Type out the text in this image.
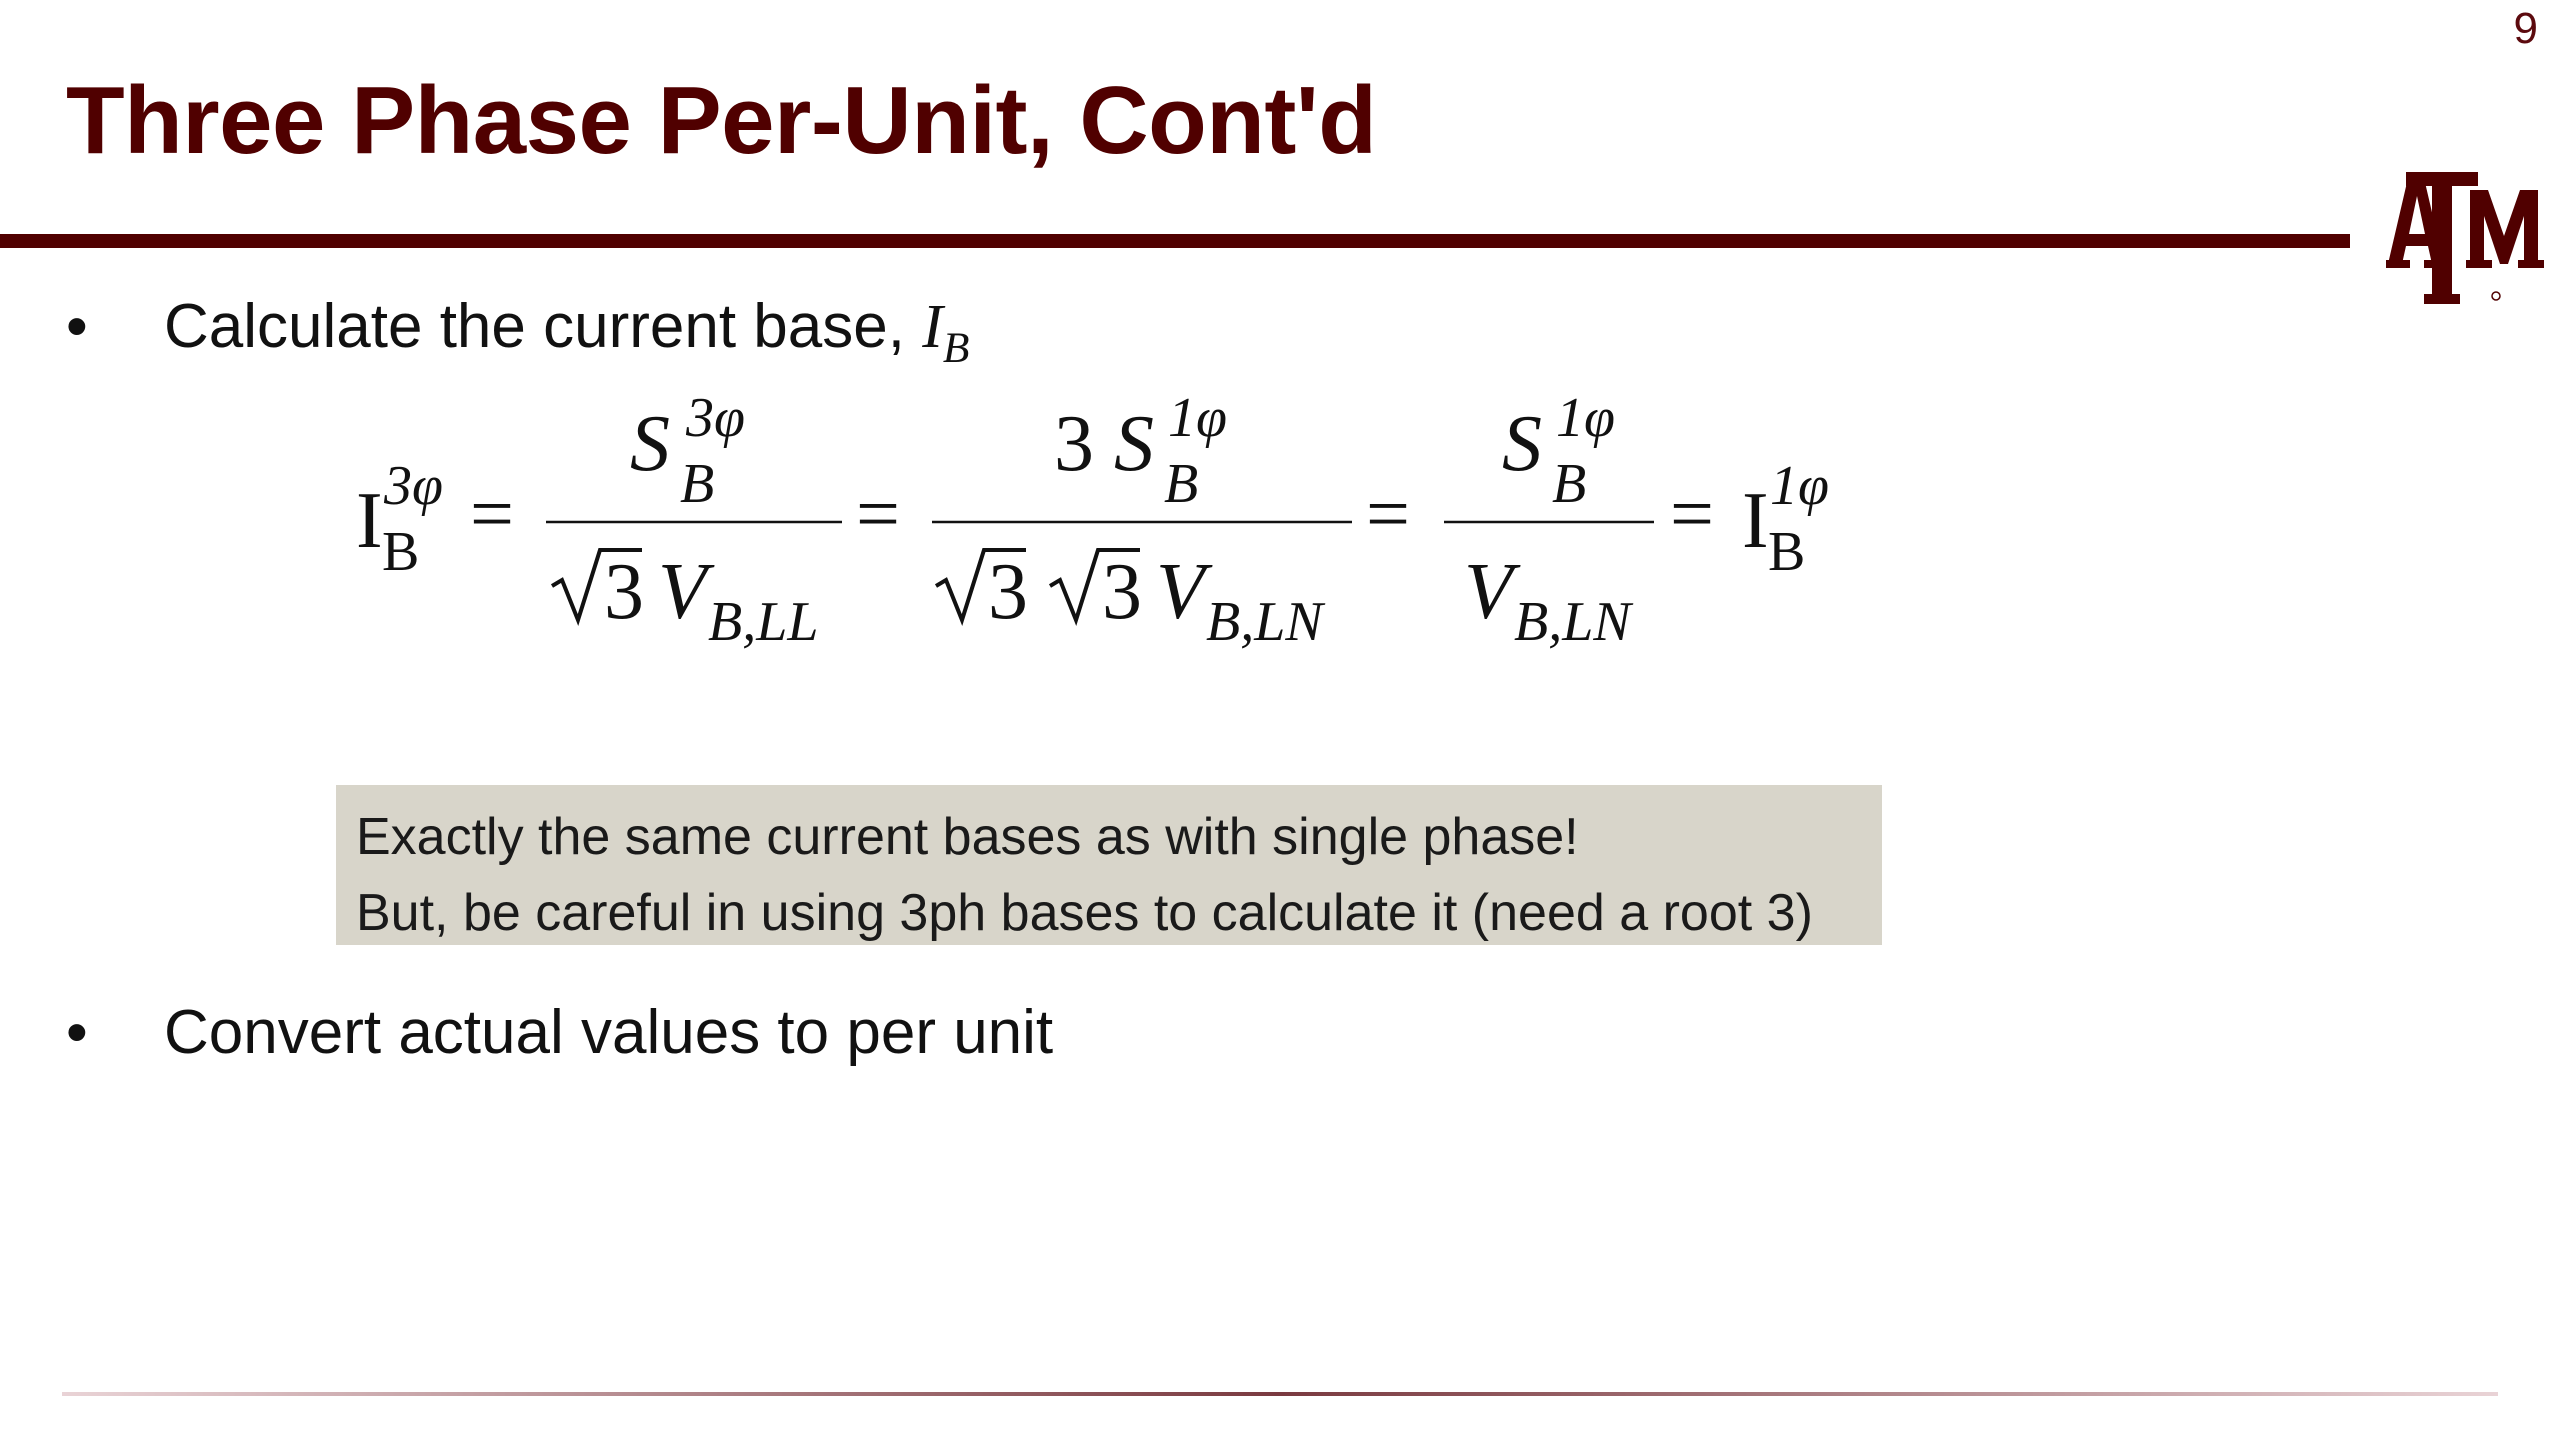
9
Three Phase Per-Unit, Cont'd
• Calculate the current base, $I_B$
I 3φ
B =
S 3φ
B
3 V B,LL
=
3 S 1φ
B
3 3 V B,LN
=
S 1φ
B
V B,LN
= I 1φ
B
Exactly the same current bases as with single phase!
But, be careful in using 3ph bases to calculate it (need a root 3)
• Convert actual values to per unit
